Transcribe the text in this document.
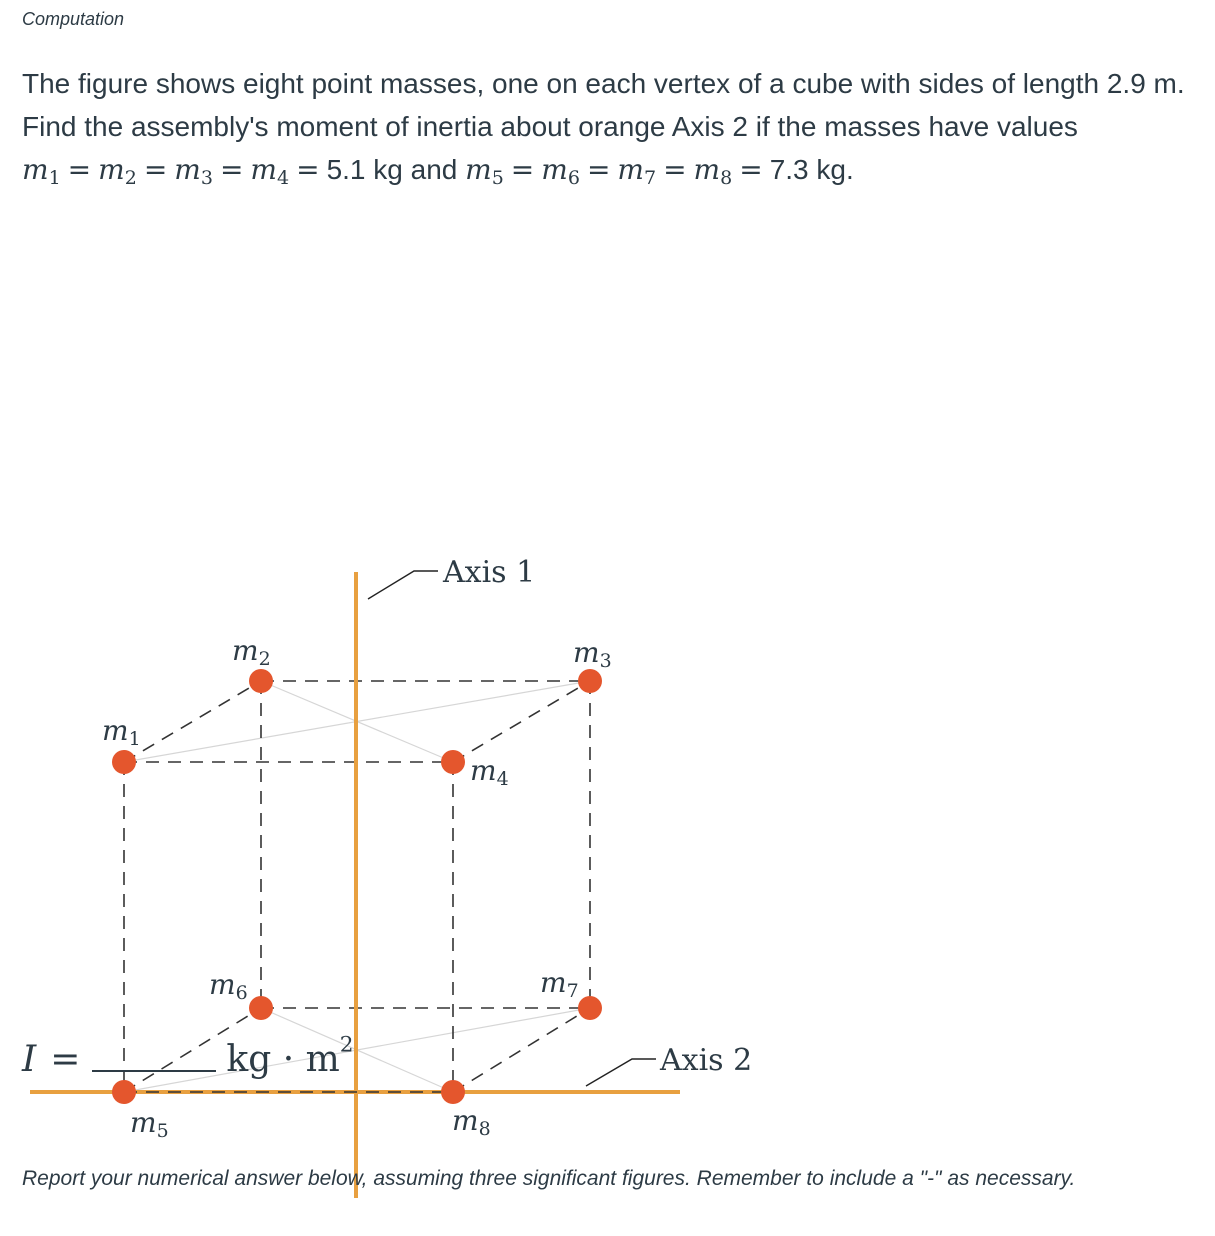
Computation

The figure shows eight point masses, one on each vertex of a cube with sides of length 2.9 m.

Find the assembly's moment of inertia about orange Axis 2 if the masses have values

$m_1 = m_2 = m_3 = m_4 = 5.1$ kg and $m_5 = m_6 = m_7 = m_8 = 7.3$ kg.

Axis 1
Axis 2
m1
m2	m3
m4
m5
m6	m7
m8
I =	kg · $m^2$
Report your numerical answer below, assuming three significant figures. Remember to include a "-" as necessary.
